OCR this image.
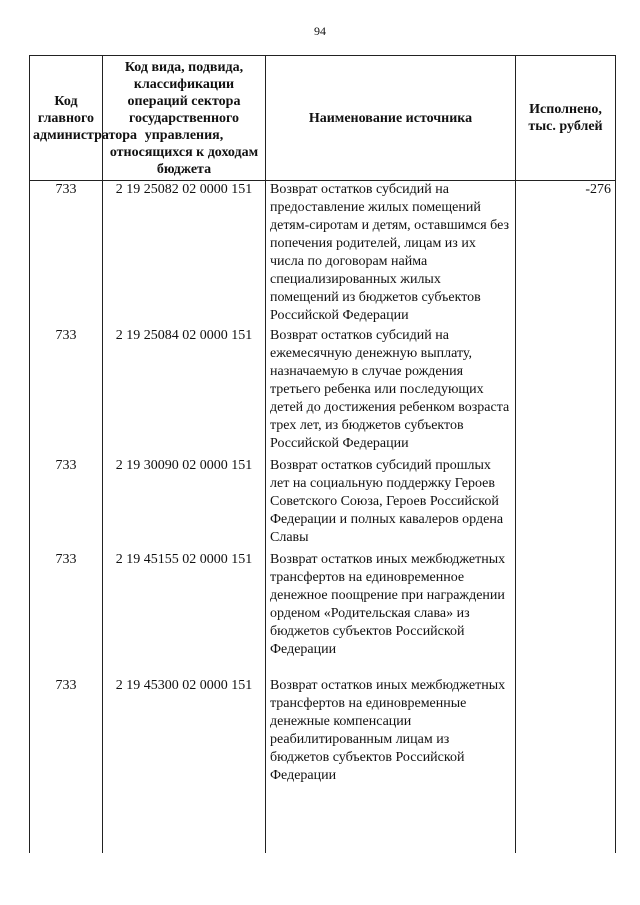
94
Код главного администратора	Код вида, подвида, классификации операций сектора государственного управления, относящихся к доходам бюджета	Наименование источника	Исполнено, тыс. рублей
733	2 19 25082 02 0000 151	Возврат остатков субсидий на предоставление жилых помещений детям-сиротам и детям, оставшимся без попечения родителей, лицам из их числа по договорам найма специализированных жилых помещений из бюджетов субъектов Российской Федерации	-276
733	2 19 25084 02 0000 151	Возврат остатков субсидий на ежемесячную денежную выплату, назначаемую в случае рождения третьего ребенка или последующих детей до достижения ребенком возраста трех лет, из бюджетов субъектов Российской Федерации	
733	2 19 30090 02 0000 151	Возврат остатков субсидий прошлых лет на социальную поддержку Героев Советского Союза, Героев Российской Федерации и полных кавалеров ордена Славы	
733	2 19 45155 02 0000 151	Возврат остатков иных межбюджетных трансфертов на единовременное денежное поощрение при награждении орденом «Родительская слава» из бюджетов субъектов Российской Федерации	
733	2 19 45300 02 0000 151	Возврат остатков иных межбюджетных трансфертов на единовременные денежные компенсации реабилитированным лицам из бюджетов субъектов Российской Федерации	
